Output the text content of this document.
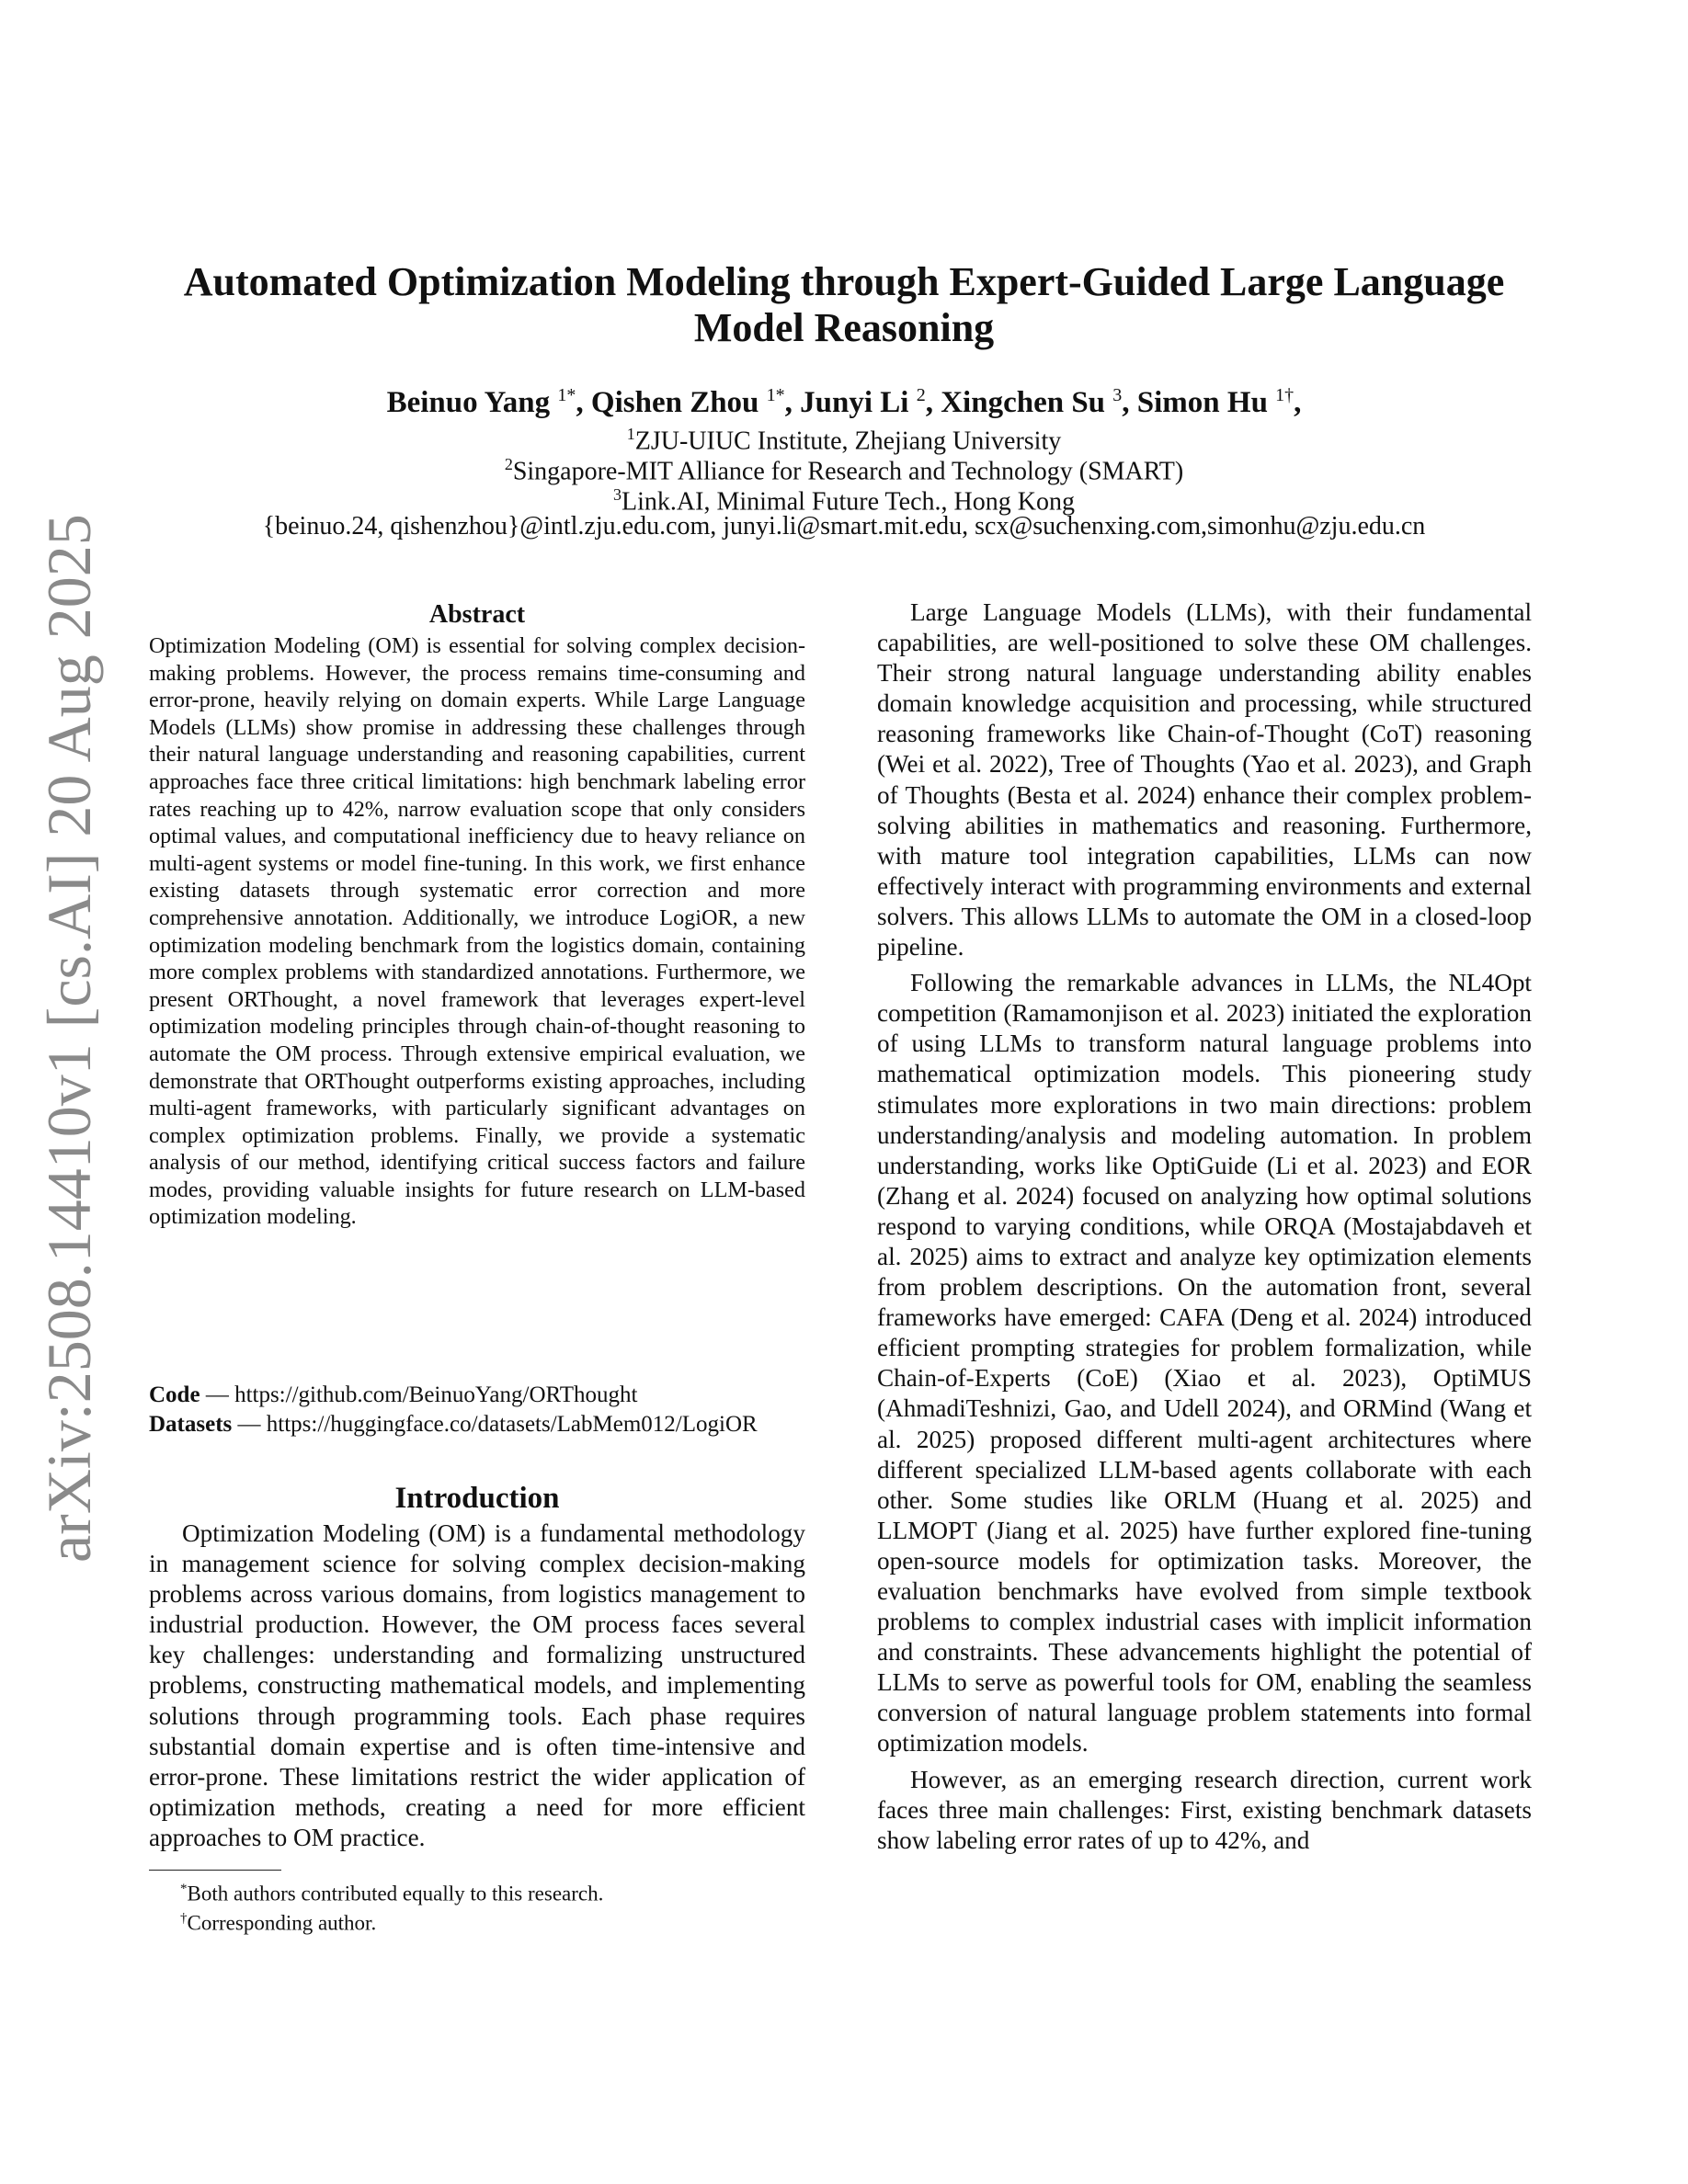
arXiv:2508.14410v1 [cs.AI] 20 Aug 2025
Automated Optimization Modeling through Expert-Guided Large Language
Model Reasoning
Beinuo Yang $^{1*}$, Qishen Zhou $^{1*}$, Junyi Li $^2$, Xingchen Su $^3$, Simon Hu $^{1\dagger}$,
$^1$ZJU-UIUC Institute, Zhejiang University
$^2$Singapore-MIT Alliance for Research and Technology (SMART)
$^3$Link.AI, Minimal Future Tech., Hong Kong
{beinuo.24, qishenzhou}@intl.zju.edu.com, junyi.li@smart.mit.edu, scx@suchenxing.com,simonhu@zju.edu.cn
Abstract

Optimization Modeling (OM) is essential for solving complex decision-making problems. However, the process remains time-consuming and error-prone, heavily relying on domain experts. While Large Language Models (LLMs) show promise in addressing these challenges through their natural language understanding and reasoning capabilities, current approaches face three critical limitations: high benchmark labeling error rates reaching up to 42%, narrow evaluation scope that only considers optimal values, and computational inefficiency due to heavy reliance on multi-agent systems or model fine-tuning. In this work, we first enhance existing datasets through systematic error correction and more comprehensive annotation. Additionally, we introduce LogiOR, a new optimization modeling benchmark from the logistics domain, containing more complex problems with standardized annotations. Furthermore, we present ORThought, a novel framework that leverages expert-level optimization modeling principles through chain-of-thought reasoning to automate the OM process. Through extensive empirical evaluation, we demonstrate that ORThought outperforms existing approaches, including multi-agent frameworks, with particularly significant advantages on complex optimization problems. Finally, we provide a systematic analysis of our method, identifying critical success factors and failure modes, providing valuable insights for future research on LLM-based optimization modeling.

Code — https://github.com/BeinuoYang/ORThought
Datasets — https://huggingface.co/datasets/LabMem012/LogiOR
Introduction

Optimization Modeling (OM) is a fundamental methodology in management science for solving complex decision-making problems across various domains, from logistics management to industrial production. However, the OM process faces several key challenges: understanding and formalizing unstructured problems, constructing mathematical models, and implementing solutions through programming tools. Each phase requires substantial domain expertise and is often time-intensive and error-prone. These limitations restrict the wider application of optimization methods, creating a need for more efficient approaches to OM practice.

*Both authors contributed equally to this research.
†Corresponding author.

Large Language Models (LLMs), with their fundamental capabilities, are well-positioned to solve these OM challenges. Their strong natural language understanding ability enables domain knowledge acquisition and processing, while structured reasoning frameworks like Chain-of-Thought (CoT) reasoning (Wei et al. 2022), Tree of Thoughts (Yao et al. 2023), and Graph of Thoughts (Besta et al. 2024) enhance their complex problem-solving abilities in mathematics and reasoning. Furthermore, with mature tool integration capabilities, LLMs can now effectively interact with programming environments and external solvers. This allows LLMs to automate the OM in a closed-loop pipeline.

Following the remarkable advances in LLMs, the NL4Opt competition (Ramamonjison et al. 2023) initiated the exploration of using LLMs to transform natural language problems into mathematical optimization models. This pioneering study stimulates more explorations in two main directions: problem understanding/analysis and modeling automation. In problem understanding, works like OptiGuide (Li et al. 2023) and EOR (Zhang et al. 2024) focused on analyzing how optimal solutions respond to varying conditions, while ORQA (Mostajabdaveh et al. 2025) aims to extract and analyze key optimization elements from problem descriptions. On the automation front, several frameworks have emerged: CAFA (Deng et al. 2024) introduced efficient prompting strategies for problem formalization, while Chain-of-Experts (CoE) (Xiao et al. 2023), OptiMUS (AhmadiTeshnizi, Gao, and Udell 2024), and ORMind (Wang et al. 2025) proposed different multi-agent architectures where different specialized LLM-based agents collaborate with each other. Some studies like ORLM (Huang et al. 2025) and LLMOPT (Jiang et al. 2025) have further explored fine-tuning open-source models for optimization tasks. Moreover, the evaluation benchmarks have evolved from simple textbook problems to complex industrial cases with implicit information and constraints. These advancements highlight the potential of LLMs to serve as powerful tools for OM, enabling the seamless conversion of natural language problem statements into formal optimization models.

However, as an emerging research direction, current work faces three main challenges: First, existing benchmark datasets show labeling error rates of up to 42%, and
